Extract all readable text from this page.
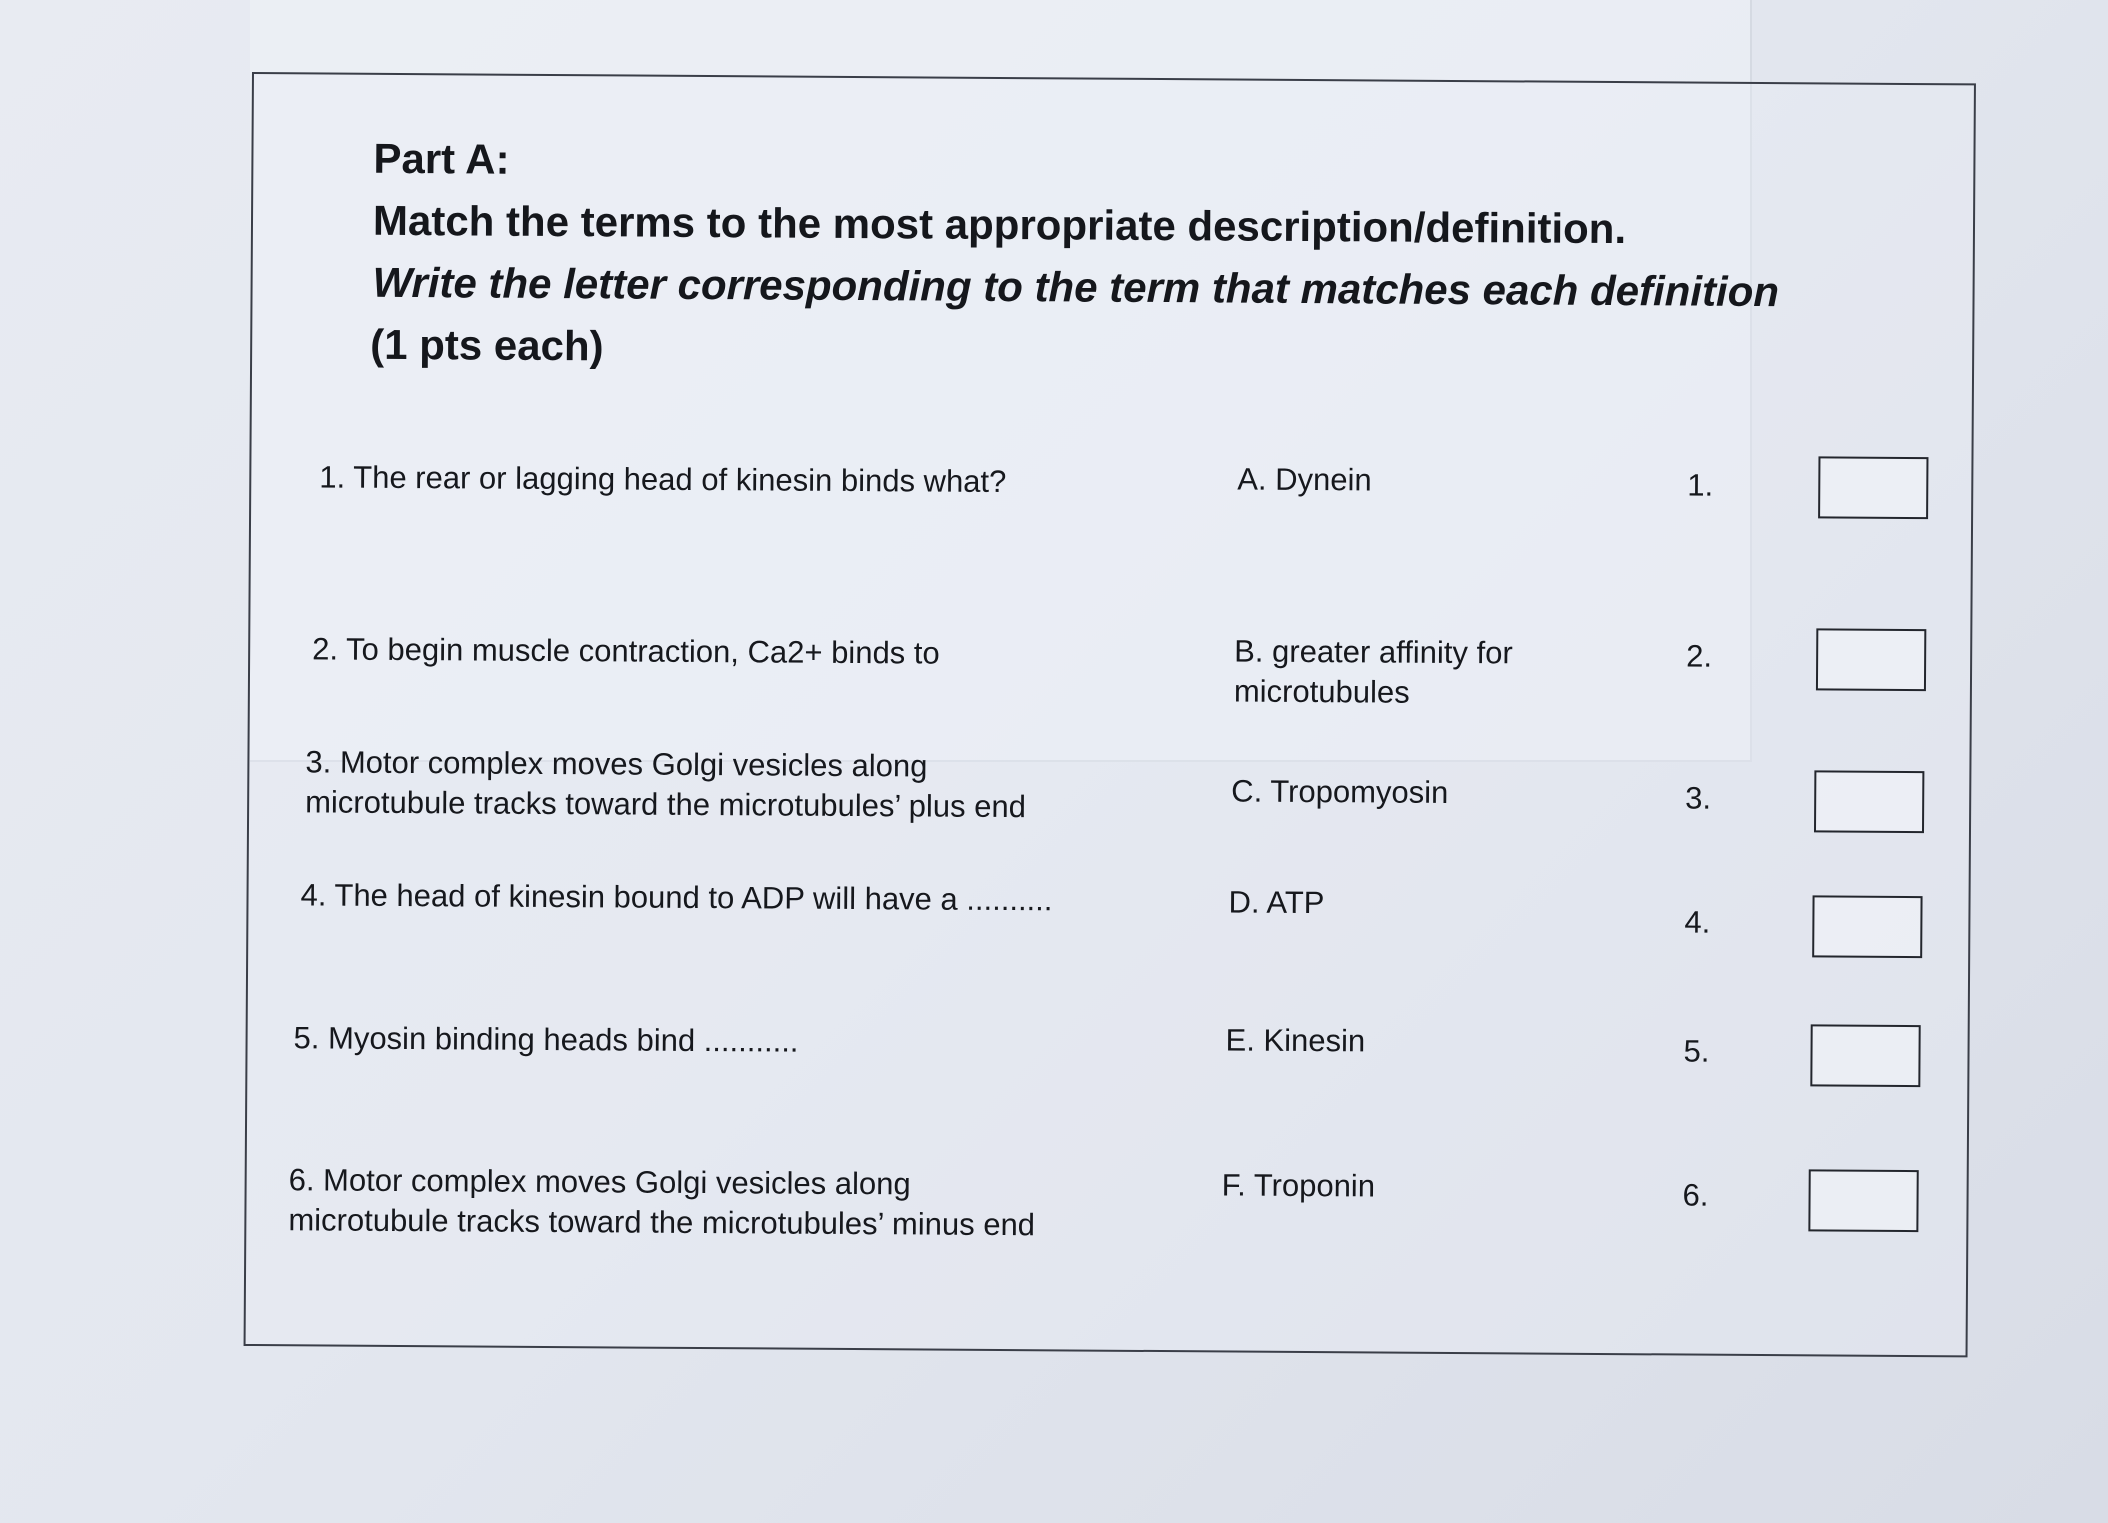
Part A:
Match the terms to the most appropriate description/definition.
Write the letter corresponding to the term that matches each definition
(1 pts each)
1. The rear or lagging head of kinesin binds what?
2. To begin muscle contraction, Ca2+ binds to
3. Motor complex moves Golgi vesicles along microtubule tracks toward the microtubules’ plus end
4. The head of kinesin bound to ADP will have a ..........
5. Myosin binding heads bind ...........
6. Motor complex moves Golgi vesicles along microtubule tracks toward the microtubules’ minus end
A. Dynein
B. greater affinity for microtubules
C. Tropomyosin
D. ATP
E. Kinesin
F. Troponin
1.
2.
3.
4.
5.
6.
